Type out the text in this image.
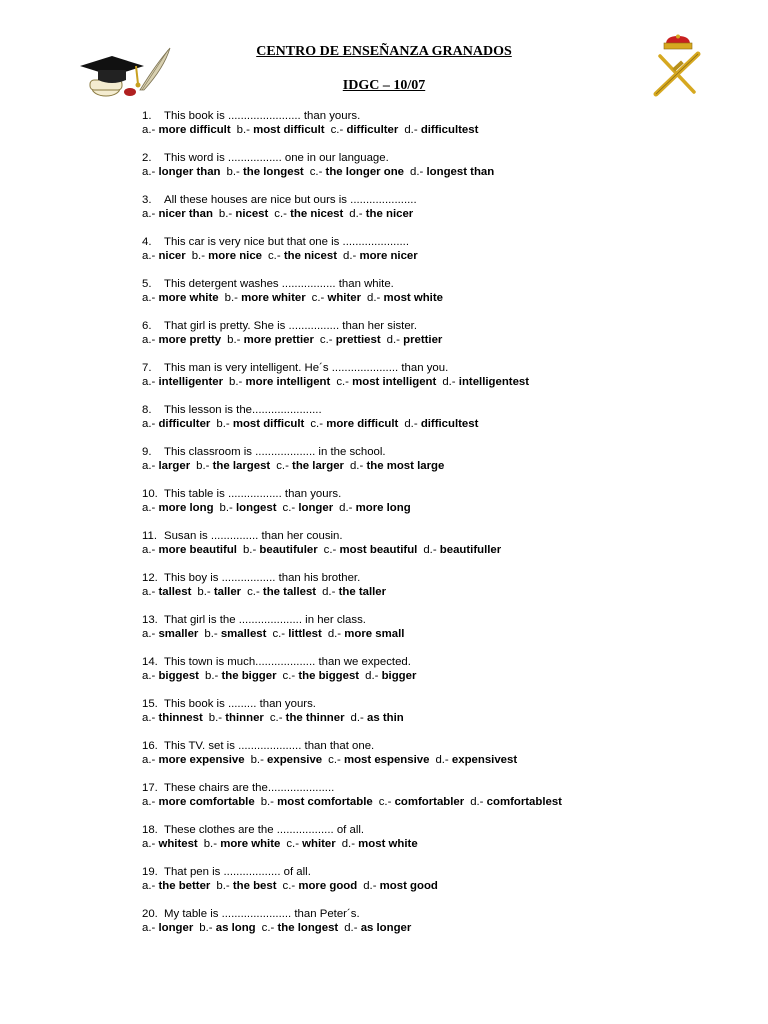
CENTRO DE ENSEÑANZA GRANADOS
IDGC – 10/07
1. This book is ....................... than yours.
a.- more difficult b.- most difficult c.- difficulter d.- difficultest
2. This word is ................. one in our language.
a.- longer than b.- the longest c.- the longer one d.- longest than
3. All these houses are nice but ours is .....................
a.- nicer than b.- nicest c.- the nicest d.- the nicer
4. This car is very nice but that one is .....................
a.- nicer b.- more nice c.- the nicest d.- more nicer
5. This detergent washes ................. than white.
a.- more white b.- more whiter c.- whiter d.- most white
6. That girl is pretty. She is ................ than her sister.
a.- more pretty b.- more prettier c.- prettiest d.- prettier
7. This man is very intelligent. He´s ..................... than you.
a.- intelligenter b.- more intelligent c.- most intelligent d.- intelligentest
8. This lesson is the......................
a.- difficulter b.- most difficult c.- more difficult d.- difficultest
9. This classroom is ................... in the school.
a.- larger b.- the largest c.- the larger d.- the most large
10. This table is ................. than yours.
a.- more long b.- longest c.- longer d.- more long
11. Susan is ............... than her cousin.
a.- more beautiful b.- beautifuler c.- most beautiful d.- beautifuller
12. This boy is ................. than his brother.
a.- tallest b.- taller c.- the tallest d.- the taller
13. That girl is the .................... in her class.
a.- smaller b.- smallest c.- littlest d.- more small
14. This town is much................... than we expected.
a.- biggest b.- the bigger c.- the biggest d.- bigger
15. This book is ......... than yours.
a.- thinnest b.- thinner c.- the thinner d.- as thin
16. This TV. set is .................... than that one.
a.- more expensive b.- expensive c.- most espensive d.- expensivest
17. These chairs are the.....................
a.- more comfortable b.- most comfortable c.- comfortabler d.- comfortablest
18. These clothes are the .................. of all.
a.- whitest b.- more white c.- whiter d.- most white
19. That pen is .................. of all.
a.- the better b.- the best c.- more good d.- most good
20. My table is ...................... than Peter´s.
a.- longer b.- as long c.- the longest d.- as longer
